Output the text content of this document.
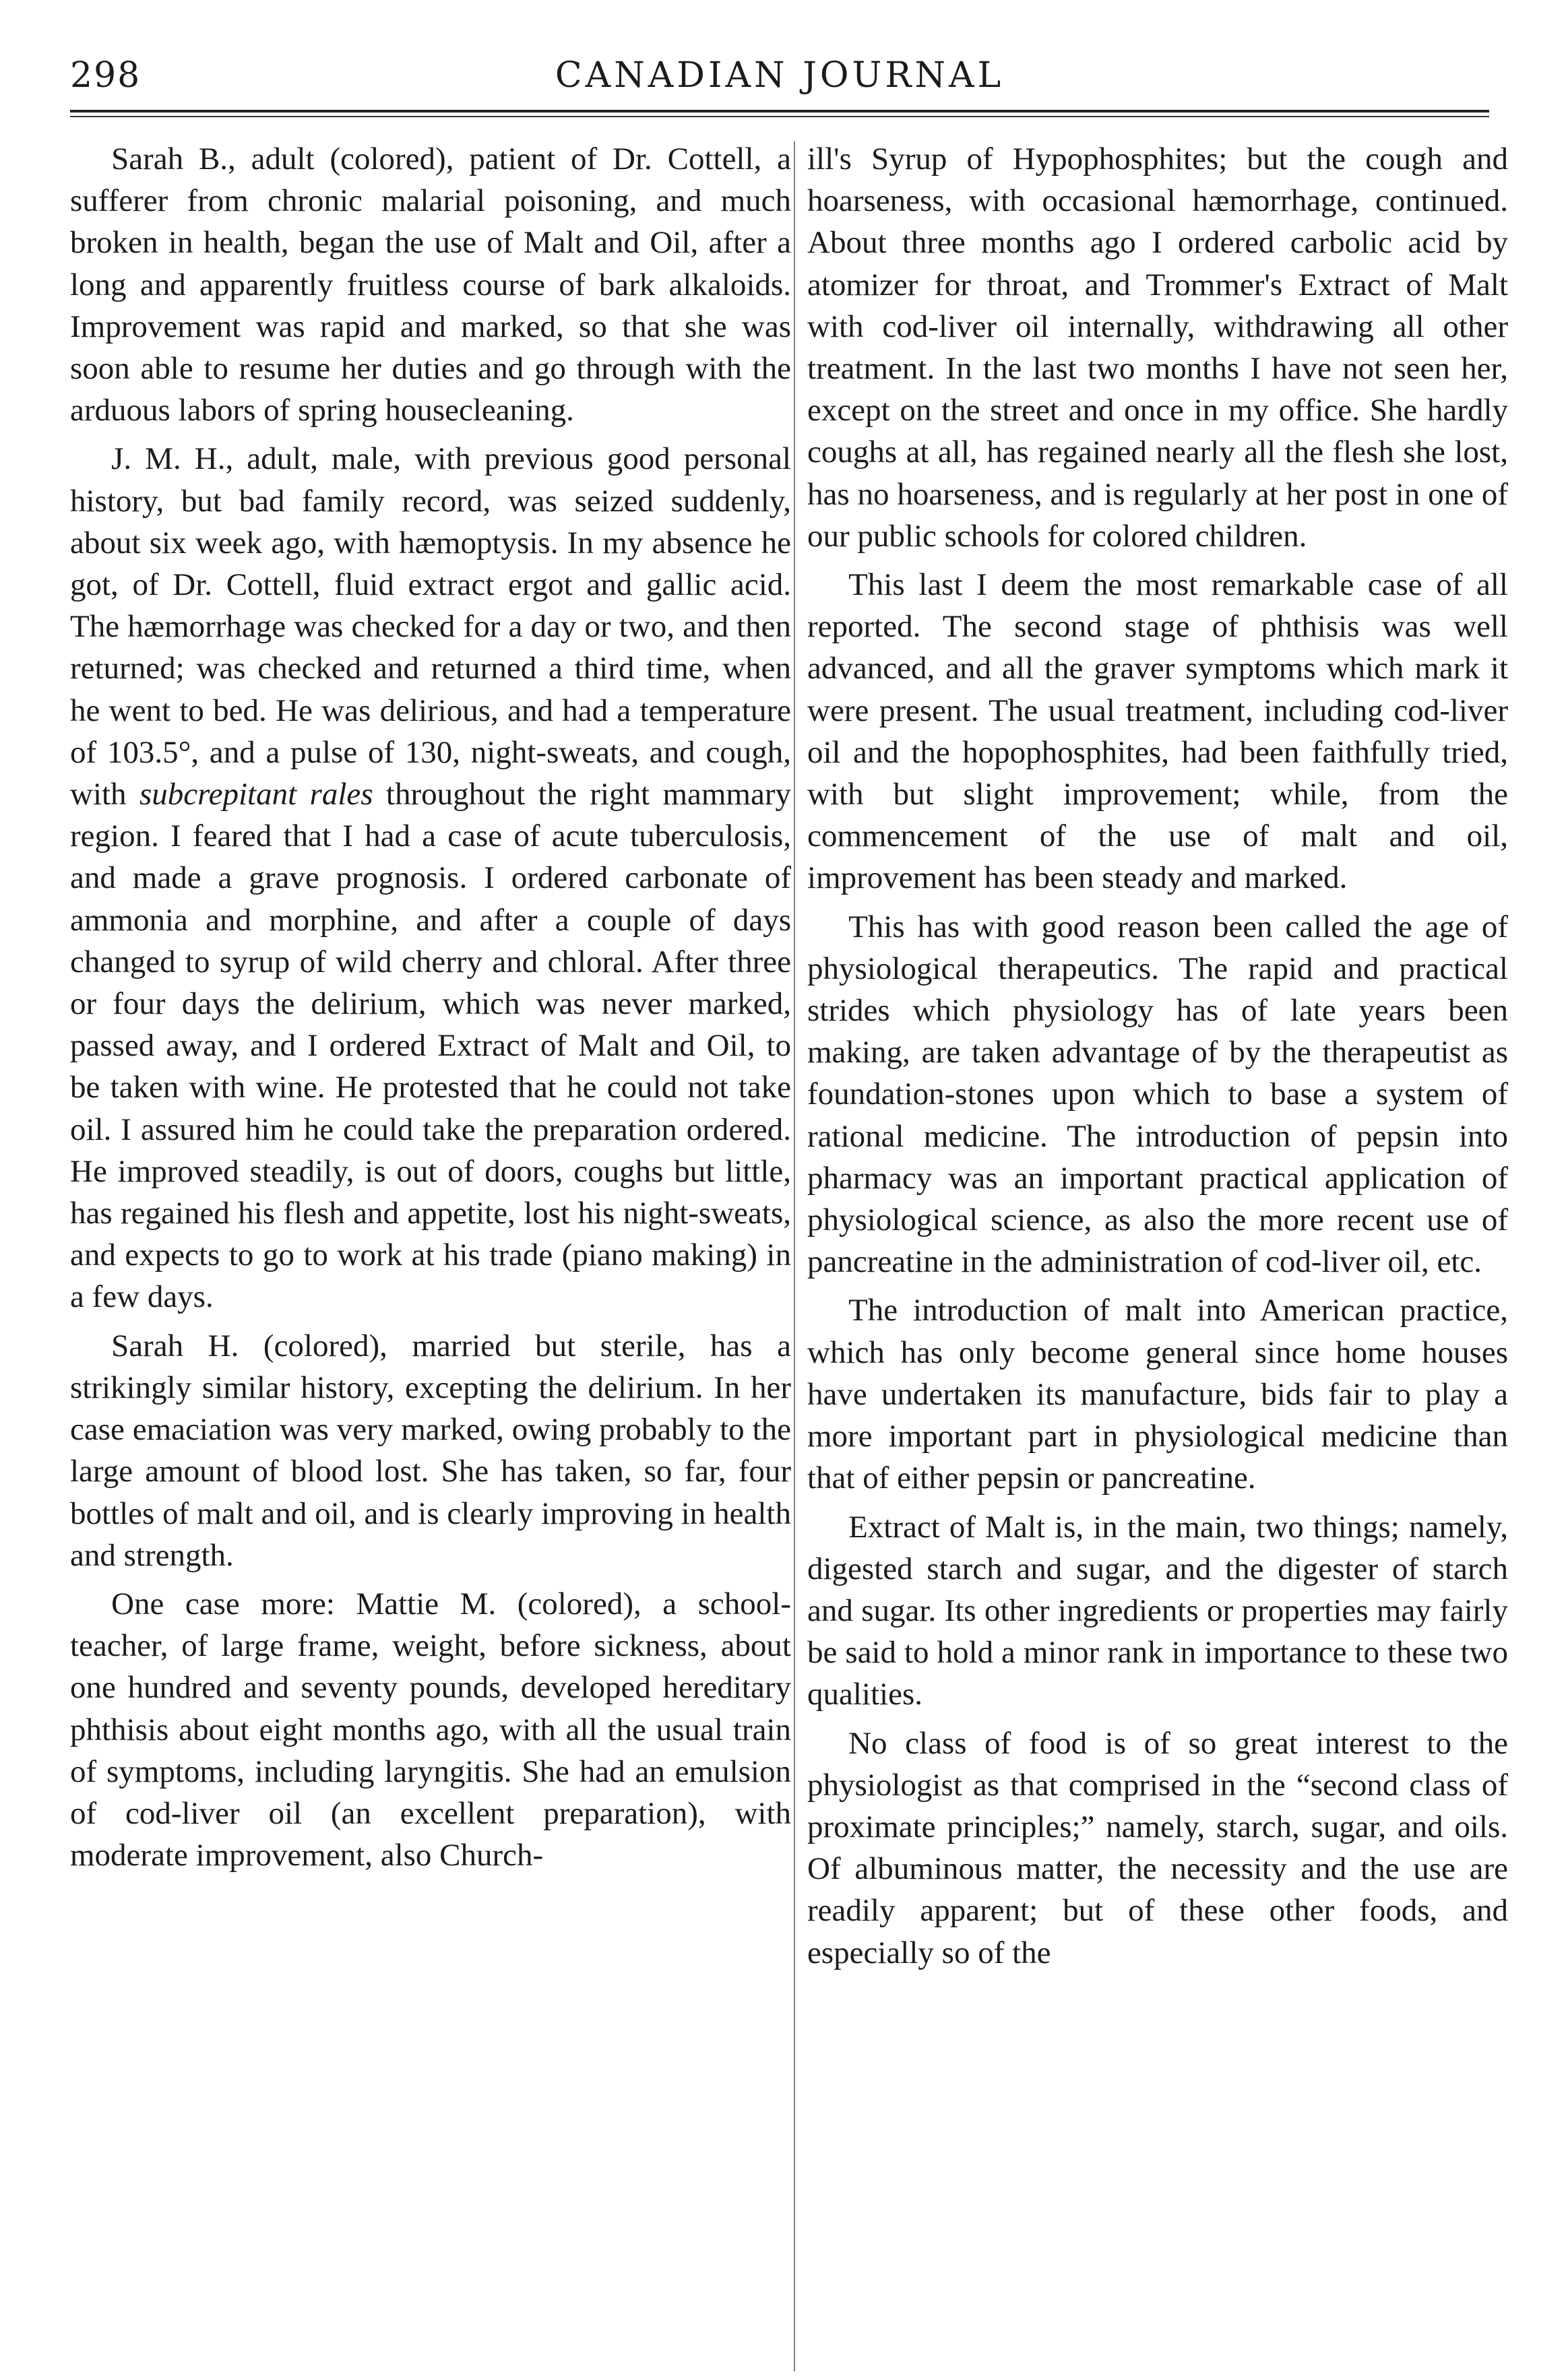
298	CANADIAN JOURNAL

Sarah B., adult (colored), patient of Dr. Cottell, a sufferer from chronic malarial poisoning, and much broken in health, began the use of Malt and Oil, after a long and apparently fruitless course of bark alkaloids. Improvement was rapid and marked, so that she was soon able to resume her duties and go through with the arduous labors of spring housecleaning.

J. M. H., adult, male, with previous good personal history, but bad family record, was seized suddenly, about six week ago, with hæmoptysis. In my absence he got, of Dr. Cottell, fluid extract ergot and gallic acid. The hæmorrhage was checked for a day or two, and then returned; was checked and returned a third time, when he went to bed. He was delirious, and had a temperature of 103.5°, and a pulse of 130, night-sweats, and cough, with subcrepitant rales throughout the right mammary region. I feared that I had a case of acute tuberculosis, and made a grave prognosis. I ordered carbonate of ammonia and morphine, and after a couple of days changed to syrup of wild cherry and chloral. After three or four days the delirium, which was never marked, passed away, and I ordered Extract of Malt and Oil, to be taken with wine. He protested that he could not take oil. I assured him he could take the preparation ordered. He improved steadily, is out of doors, coughs but little, has regained his flesh and appetite, lost his night-sweats, and expects to go to work at his trade (piano making) in a few days.

Sarah H. (colored), married but sterile, has a strikingly similar history, excepting the delirium. In her case emaciation was very marked, owing probably to the large amount of blood lost. She has taken, so far, four bottles of malt and oil, and is clearly improving in health and strength.

One case more: Mattie M. (colored), a school-teacher, of large frame, weight, before sickness, about one hundred and seventy pounds, developed hereditary phthisis about eight months ago, with all the usual train of symptoms, including laryngitis. She had an emulsion of cod-liver oil (an excellent preparation), with moderate improvement, also Church-

ill's Syrup of Hypophosphites; but the cough and hoarseness, with occasional hæmorrhage, continued. About three months ago I ordered carbolic acid by atomizer for throat, and Trommer's Extract of Malt with cod-liver oil internally, withdrawing all other treatment. In the last two months I have not seen her, except on the street and once in my office. She hardly coughs at all, has regained nearly all the flesh she lost, has no hoarseness, and is regularly at her post in one of our public schools for colored children.

This last I deem the most remarkable case of all reported. The second stage of phthisis was well advanced, and all the graver symptoms which mark it were present. The usual treatment, including cod-liver oil and the hopophosphites, had been faithfully tried, with but slight improvement; while, from the commencement of the use of malt and oil, improvement has been steady and marked.

This has with good reason been called the age of physiological therapeutics. The rapid and practical strides which physiology has of late years been making, are taken advantage of by the therapeutist as foundation-stones upon which to base a system of rational medicine. The introduction of pepsin into pharmacy was an important practical application of physiological science, as also the more recent use of pancreatine in the administration of cod-liver oil, etc.

The introduction of malt into American practice, which has only become general since home houses have undertaken its manufacture, bids fair to play a more important part in physiological medicine than that of either pepsin or pancreatine.

Extract of Malt is, in the main, two things; namely, digested starch and sugar, and the digester of starch and sugar. Its other ingredients or properties may fairly be said to hold a minor rank in importance to these two qualities.

No class of food is of so great interest to the physiologist as that comprised in the “second class of proximate principles;” namely, starch, sugar, and oils. Of albuminous matter, the necessity and the use are readily apparent; but of these other foods, and especially so of the
